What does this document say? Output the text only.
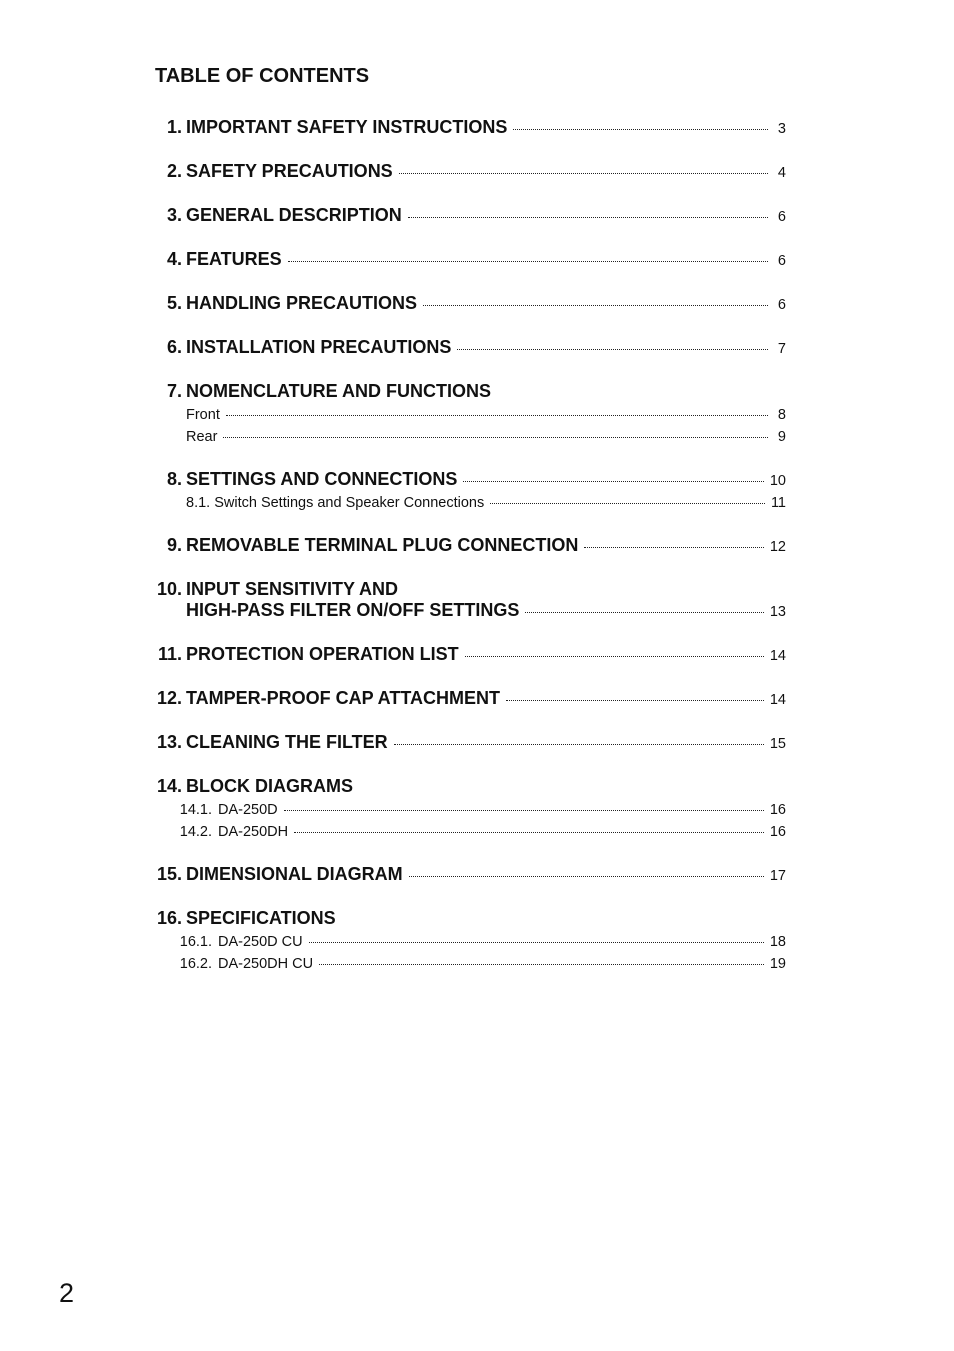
TABLE OF CONTENTS
1. IMPORTANT SAFETY INSTRUCTIONS	3
2. SAFETY PRECAUTIONS	4
3. GENERAL DESCRIPTION	6
4. FEATURES	6
5. HANDLING PRECAUTIONS	6
6. INSTALLATION PRECAUTIONS	7
7. NOMENCLATURE AND FUNCTIONS
Front	8
Rear	9
8. SETTINGS AND CONNECTIONS	10
8.1. Switch Settings and Speaker Connections	11
9. REMOVABLE TERMINAL PLUG CONNECTION	12
10. INPUT SENSITIVITY AND
HIGH-PASS FILTER ON/OFF SETTINGS	13
11. PROTECTION OPERATION LIST	14
12. TAMPER-PROOF CAP ATTACHMENT	14
13. CLEANING THE FILTER	15
14. BLOCK DIAGRAMS
14.1. DA-250D	16
14.2. DA-250DH	16
15. DIMENSIONAL DIAGRAM	17
16. SPECIFICATIONS
16.1. DA-250D CU	18
16.2. DA-250DH CU	19
2
